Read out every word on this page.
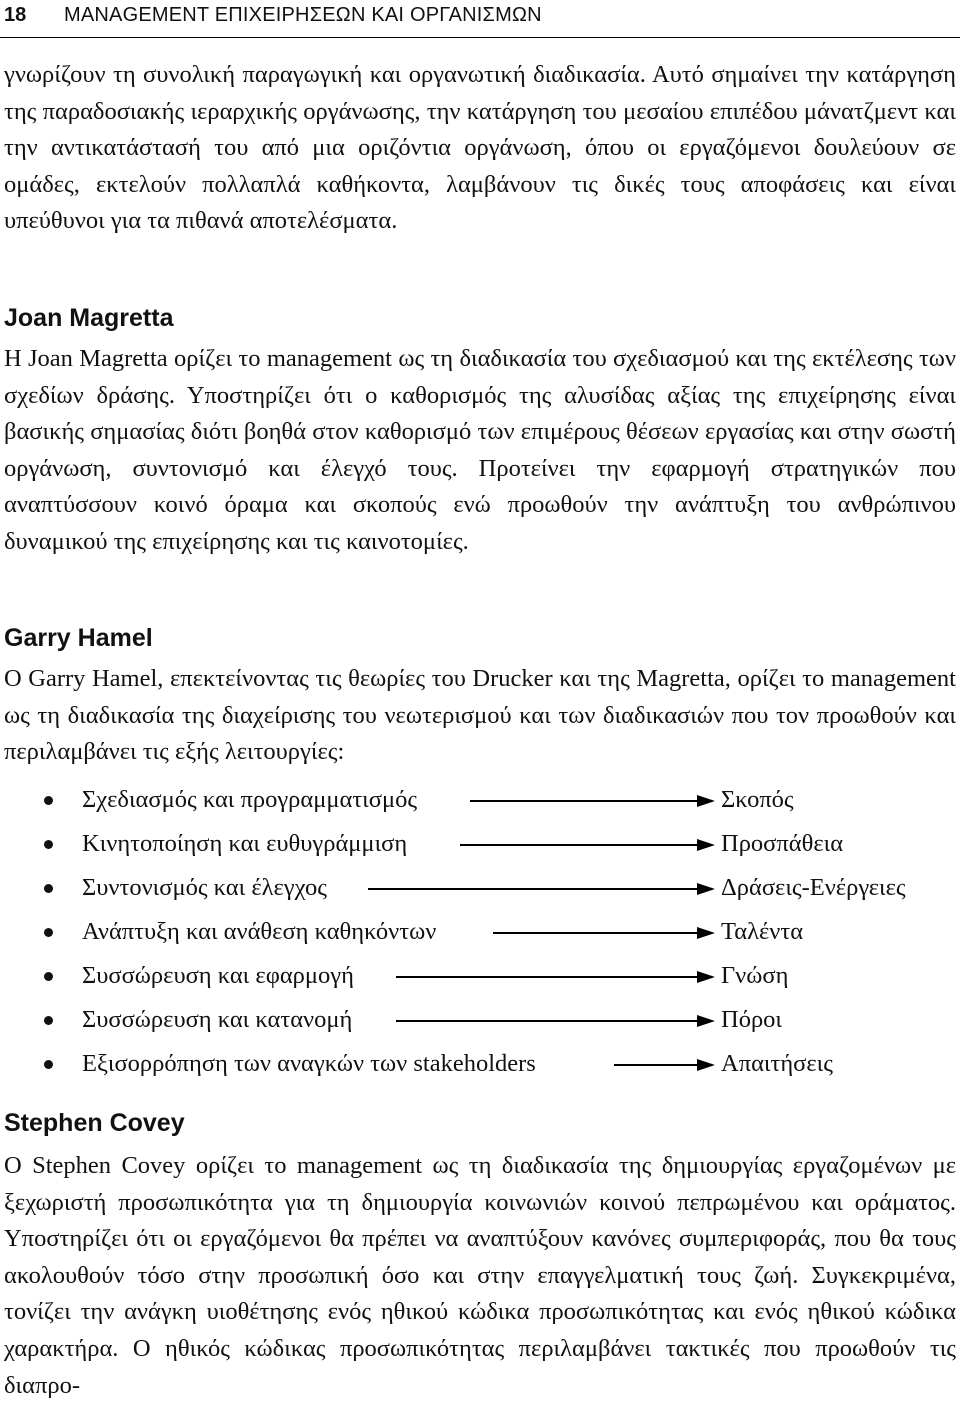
18 MANAGEMENT ΕΠΙΧΕΙΡΗΣΕΩΝ ΚΑΙ ΟΡΓΑΝΙΣΜΩΝ

γνωρίζουν τη συνολική παραγωγική και οργανωτική διαδικασία. Αυτό σημαίνει την κατάργηση της παραδοσιακής ιεραρχικής οργάνωσης, την κατάργηση του μεσαίου επιπέδου μάνατζμεντ και την αντικατάστασή του από μια οριζόντια οργάνωση, όπου οι εργαζόμενοι δουλεύουν σε ομάδες, εκτελούν πολλαπλά καθήκοντα, λαμβάνουν τις δικές τους αποφάσεις και είναι υπεύθυνοι για τα πιθανά αποτελέσματα.

Joan Magretta

Η Joan Magretta ορίζει το management ως τη διαδικασία του σχεδιασμού και της εκτέλεσης των σχεδίων δράσης. Υποστηρίζει ότι ο καθορισμός της αλυσίδας αξίας της επιχείρησης είναι βασικής σημασίας διότι βοηθά στον καθορισμό των επιμέρους θέσεων εργασίας και στην σωστή οργάνωση, συντονισμό και έλεγχό τους. Προτείνει την εφαρμογή στρατηγικών που αναπτύσσουν κοινό όραμα και σκοπούς ενώ προωθούν την ανάπτυξη του ανθρώπινου δυναμικού της επιχείρησης και τις καινοτομίες.

Garry Hamel

Ο Garry Hamel, επεκτείνοντας τις θεωρίες του Drucker και της Magretta, ορίζει το management ως τη διαδικασία της διαχείρισης του νεωτερισμού και των διαδικασιών που τον προωθούν και περιλαμβάνει τις εξής λειτουργίες:

Σχεδιασμός και προγραμματισμός	Σκοπός
Κινητοποίηση και ευθυγράμμιση	Προσπάθεια
Συντονισμός και έλεγχος	Δράσεις-Ενέργειες
Ανάπτυξη και ανάθεση καθηκόντων	Ταλέντα
Συσσώρευση και εφαρμογή	Γνώση
Συσσώρευση και κατανομή	Πόροι
Εξισορρόπηση των αναγκών των stakeholders	Απαιτήσεις
Stephen Covey

Ο Stephen Covey ορίζει το management ως τη διαδικασία της δημιουργίας εργαζομένων με ξεχωριστή προσωπικότητα για τη δημιουργία κοινωνιών κοινού πεπρωμένου και οράματος. Υποστηρίζει ότι οι εργαζόμενοι θα πρέπει να αναπτύξουν κανόνες συμπεριφοράς, που θα τους ακολουθούν τόσο στην προσωπική όσο και στην επαγγελματική τους ζωή. Συγκεκριμένα, τονίζει την ανάγκη υιοθέτησης ενός ηθικού κώδικα προσωπικότητας και ενός ηθικού κώδικα χαρακτήρα. Ο ηθικός κώδικας προσωπικότητας περιλαμβάνει τακτικές που προωθούν τις διαπρο-
